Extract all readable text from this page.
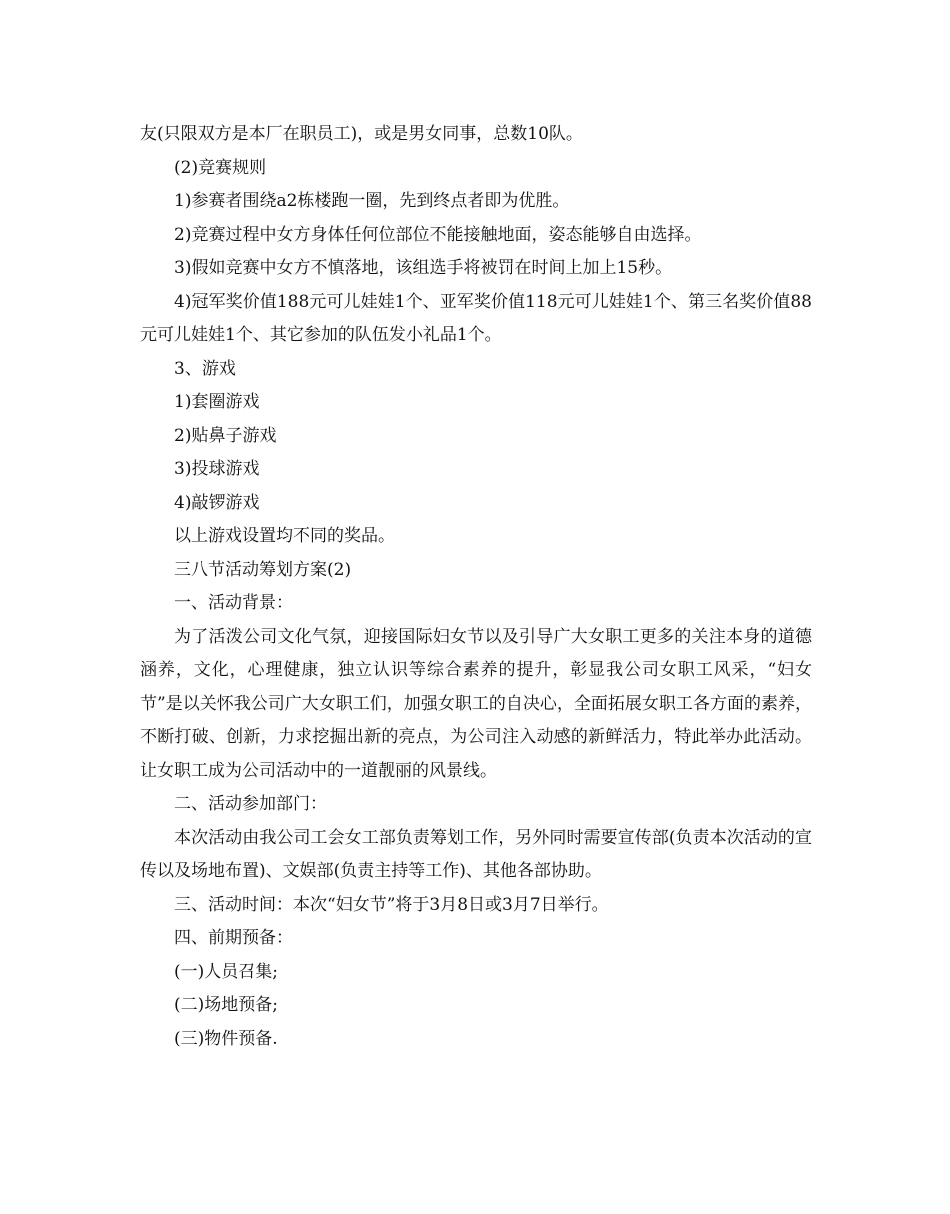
友(只限双方是本厂在职员工)，或是男女同事，总数10队。

(2)竞赛规则

1)参赛者围绕a2栋楼跑一圈，先到终点者即为优胜。

2)竞赛过程中女方身体任何位部位不能接触地面，姿态能够自由选择。

3)假如竞赛中女方不慎落地，该组选手将被罚在时间上加上15秒。

4)冠军奖价值188元可儿娃娃1个、亚军奖价值118元可儿娃娃1个、第三名奖价值88元可儿娃娃1个、其它参加的队伍发小礼品1个。

3、游戏

1)套圈游戏

2)贴鼻子游戏

3)投球游戏

4)敲锣游戏

以上游戏设置均不同的奖品。

三八节活动筹划方案(2)

一、活动背景：

为了活泼公司文化气氛，迎接国际妇女节以及引导广大女职工更多的关注本身的道德涵养，文化，心理健康，独立认识等综合素养的提升，彰显我公司女职工风采，“妇女节”是以关怀我公司广大女职工们，加强女职工的自决心，全面拓展女职工各方面的素养，不断打破、创新，力求挖掘出新的亮点，为公司注入动感的新鲜活力，特此举办此活动。让女职工成为公司活动中的一道靓丽的风景线。

二、活动参加部门：

本次活动由我公司工会女工部负责筹划工作，另外同时需要宣传部(负责本次活动的宣传以及场地布置)、文娱部(负责主持等工作)、其他各部协助。

三、活动时间：本次“妇女节”将于3月8日或3月7日举行。

四、前期预备：

(一)人员召集;

(二)场地预备;

(三)物件预备.
